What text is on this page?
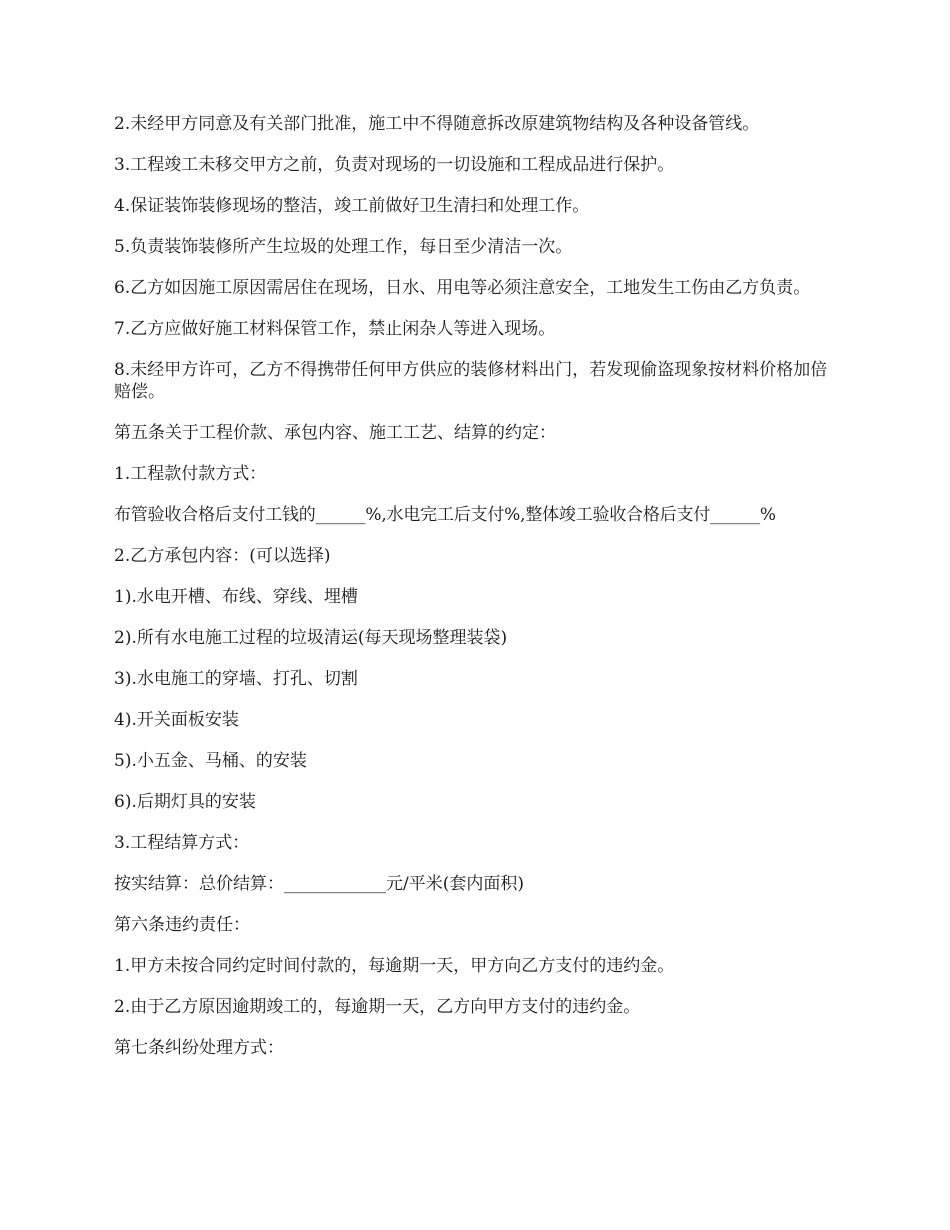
2.未经甲方同意及有关部门批准，施工中不得随意拆改原建筑物结构及各种设备管线。

3.工程竣工未移交甲方之前，负责对现场的一切设施和工程成品进行保护。

4.保证装饰装修现场的整洁，竣工前做好卫生清扫和处理工作。

5.负责装饰装修所产生垃圾的处理工作，每日至少清洁一次。

6.乙方如因施工原因需居住在现场，日水、用电等必须注意安全，工地发生工伤由乙方负责。

7.乙方应做好施工材料保管工作，禁止闲杂人等进入现场。

8.未经甲方许可，乙方不得携带任何甲方供应的装修材料出门，若发现偷盗现象按材料价格加倍赔偿。

第五条关于工程价款、承包内容、施工工艺、结算的约定：

1.工程款付款方式：

布管验收合格后支付工钱的______%,水电完工后支付%,整体竣工验收合格后支付______%

2.乙方承包内容：(可以选择)

1).水电开槽、布线、穿线、埋槽

2).所有水电施工过程的垃圾清运(每天现场整理装袋)

3).水电施工的穿墙、打孔、切割

4).开关面板安装

5).小五金、马桶、的安装

6).后期灯具的安装

3.工程结算方式：

按实结算：总价结算：____________元/平米(套内面积)

第六条违约责任：

1.甲方未按合同约定时间付款的，每逾期一天，甲方向乙方支付的违约金。

2.由于乙方原因逾期竣工的，每逾期一天，乙方向甲方支付的违约金。

第七条纠纷处理方式：
